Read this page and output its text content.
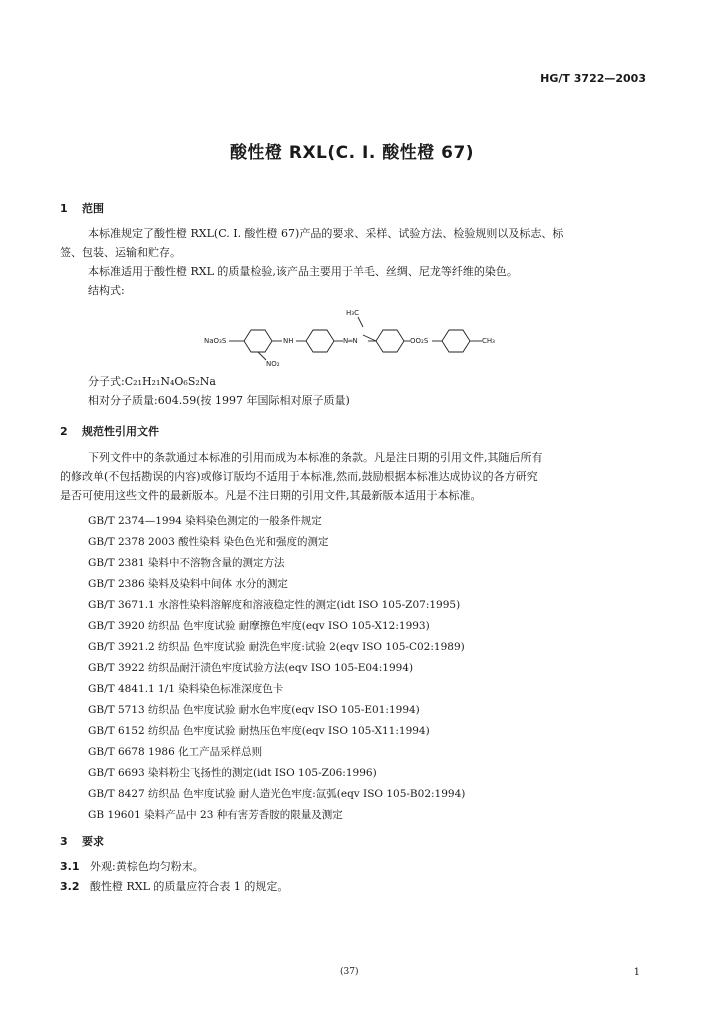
HG/T 3722—2003
酸性橙 RXL(C. I. 酸性橙 67)
1 范围
本标准规定了酸性橙 RXL(C. I. 酸性橙 67)产品的要求、采样、试验方法、检验规则以及标志、标
签、包装、运输和贮存。
本标准适用于酸性橙 RXL 的质量检验,该产品主要用于羊毛、丝绸、尼龙等纤维的染色。
结构式:
NaO₃S	NH
NO₂
N═N
H₃C
OO₂S	CH₃
分子式:C₂₁H₂₁N₄O₆S₂Na
相对分子质量:604.59(按 1997 年国际相对原子质量)
2 规范性引用文件
下列文件中的条款通过本标准的引用而成为本标准的条款。凡是注日期的引用文件,其随后所有
的修改单(不包括勘误的内容)或修订版均不适用于本标准,然而,鼓励根据本标准达成协议的各方研究
是否可使用这些文件的最新版本。凡是不注日期的引用文件,其最新版本适用于本标准。
GB/T 2374—1994 染料染色测定的一般条件规定
GB/T 2378 2003 酸性染料 染色色光和强度的测定
GB/T 2381 染料中不溶物含量的测定方法
GB/T 2386 染料及染料中间体 水分的测定
GB/T 3671.1 水溶性染料溶解度和溶液稳定性的测定(idt ISO 105-Z07:1995)
GB/T 3920 纺织品 色牢度试验 耐摩擦色牢度(eqv ISO 105-X12:1993)
GB/T 3921.2 纺织品 色牢度试验 耐洗色牢度:试验 2(eqv ISO 105-C02:1989)
GB/T 3922 纺织品耐汗渍色牢度试验方法(eqv ISO 105-E04:1994)
GB/T 4841.1 1/1 染料染色标准深度色卡
GB/T 5713 纺织品 色牢度试验 耐水色牢度(eqv ISO 105-E01:1994)
GB/T 6152 纺织品 色牢度试验 耐热压色牢度(eqv ISO 105-X11:1994)
GB/T 6678 1986 化工产品采样总则
GB/T 6693 染料粉尘飞扬性的测定(idt ISO 105-Z06:1996)
GB/T 8427 纺织品 色牢度试验 耐人造光色牢度:氙弧(eqv ISO 105-B02:1994)
GB 19601 染料产品中 23 种有害芳香胺的限量及测定
3 要求
3.1 外观:黄棕色均匀粉末。
3.2 酸性橙 RXL 的质量应符合表 1 的规定。
(37)	1
